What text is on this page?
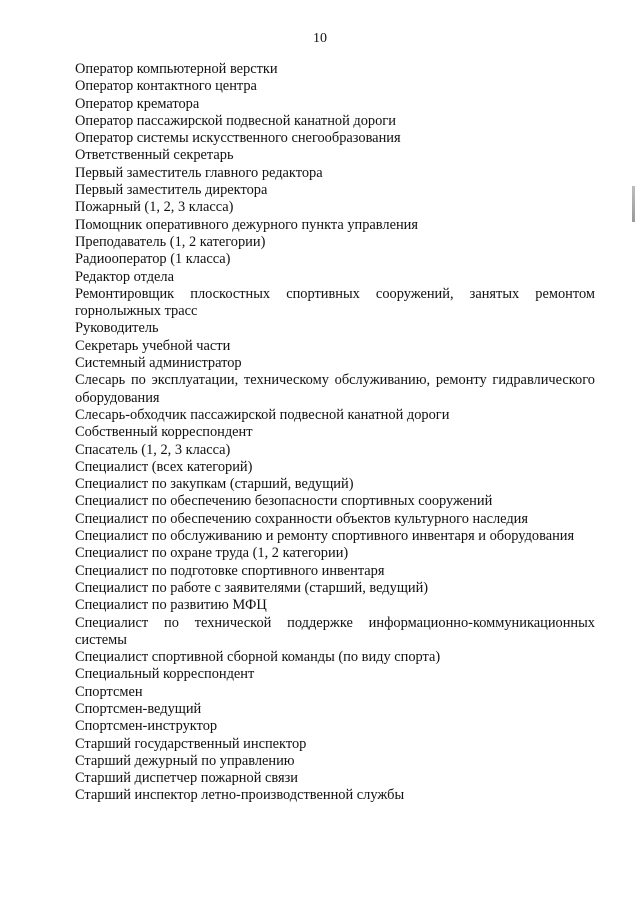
10
Оператор компьютерной верстки
Оператор контактного центра
Оператор крематора
Оператор пассажирской подвесной канатной дороги
Оператор системы искусственного снегообразования
Ответственный секретарь
Первый заместитель главного редактора
Первый заместитель директора
Пожарный (1, 2, 3 класса)
Помощник оперативного дежурного пункта управления
Преподаватель (1, 2 категории)
Радиооператор (1 класса)
Редактор отдела
Ремонтировщик плоскостных спортивных сооружений, занятых ремонтом горнолыжных трасс
Руководитель
Секретарь учебной части
Системный администратор
Слесарь по эксплуатации, техническому обслуживанию, ремонту гидравлического оборудования
Слесарь-обходчик пассажирской подвесной канатной дороги
Собственный корреспондент
Спасатель (1, 2, 3 класса)
Специалист (всех категорий)
Специалист по закупкам (старший, ведущий)
Специалист по обеспечению безопасности спортивных сооружений
Специалист по обеспечению сохранности объектов культурного наследия
Специалист по обслуживанию и ремонту спортивного инвентаря и оборудования
Специалист по охране труда (1, 2 категории)
Специалист по подготовке спортивного инвентаря
Специалист по работе с заявителями (старший, ведущий)
Специалист по развитию МФЦ
Специалист по технической поддержке информационно-коммуникационных системы
Специалист спортивной сборной команды (по виду спорта)
Специальный корреспондент
Спортсмен
Спортсмен-ведущий
Спортсмен-инструктор
Старший государственный инспектор
Старший дежурный по управлению
Старший диспетчер пожарной связи
Старший инспектор летно-производственной службы
